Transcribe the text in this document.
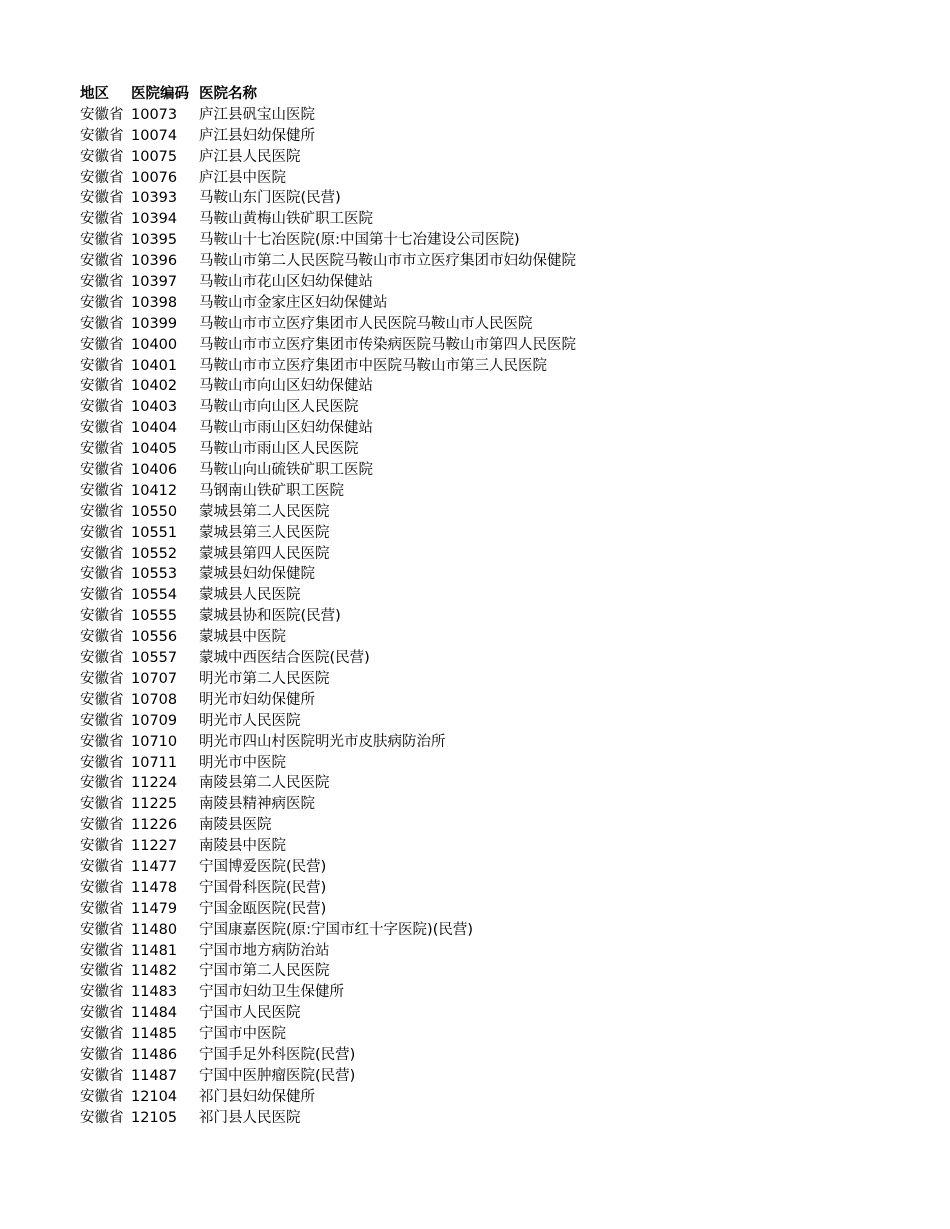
地区	医院编码 医院名称
安徽省 10073	庐江县矾宝山医院
安徽省 10074	庐江县妇幼保健所
安徽省 10075	庐江县人民医院
安徽省 10076	庐江县中医院
安徽省 10393	马鞍山东门医院(民营)
安徽省 10394	马鞍山黄梅山铁矿职工医院
安徽省 10395	马鞍山十七冶医院(原:中国第十七冶建设公司医院)
安徽省 10396	马鞍山市第二人民医院马鞍山市市立医疗集团市妇幼保健院
安徽省 10397	马鞍山市花山区妇幼保健站
安徽省 10398	马鞍山市金家庄区妇幼保健站
安徽省 10399	马鞍山市市立医疗集团市人民医院马鞍山市人民医院
安徽省 10400	马鞍山市市立医疗集团市传染病医院马鞍山市第四人民医院
安徽省 10401	马鞍山市市立医疗集团市中医院马鞍山市第三人民医院
安徽省 10402	马鞍山市向山区妇幼保健站
安徽省 10403	马鞍山市向山区人民医院
安徽省 10404	马鞍山市雨山区妇幼保健站
安徽省 10405	马鞍山市雨山区人民医院
安徽省 10406	马鞍山向山硫铁矿职工医院
安徽省 10412	马钢南山铁矿职工医院
安徽省 10550	蒙城县第二人民医院
安徽省 10551	蒙城县第三人民医院
安徽省 10552	蒙城县第四人民医院
安徽省 10553	蒙城县妇幼保健院
安徽省 10554	蒙城县人民医院
安徽省 10555	蒙城县协和医院(民营)
安徽省 10556	蒙城县中医院
安徽省 10557	蒙城中西医结合医院(民营)
安徽省 10707	明光市第二人民医院
安徽省 10708	明光市妇幼保健所
安徽省 10709	明光市人民医院
安徽省 10710	明光市四山村医院明光市皮肤病防治所
安徽省 10711	明光市中医院
安徽省 11224	南陵县第二人民医院
安徽省 11225	南陵县精神病医院
安徽省 11226	南陵县医院
安徽省 11227	南陵县中医院
安徽省 11477	宁国博爱医院(民营)
安徽省 11478	宁国骨科医院(民营)
安徽省 11479	宁国金瓯医院(民营)
安徽省 11480	宁国康嘉医院(原:宁国市红十字医院)(民营)
安徽省 11481	宁国市地方病防治站
安徽省 11482	宁国市第二人民医院
安徽省 11483	宁国市妇幼卫生保健所
安徽省 11484	宁国市人民医院
安徽省 11485	宁国市中医院
安徽省 11486	宁国手足外科医院(民营)
安徽省 11487	宁国中医肿瘤医院(民营)
安徽省 12104	祁门县妇幼保健所
安徽省 12105	祁门县人民医院
